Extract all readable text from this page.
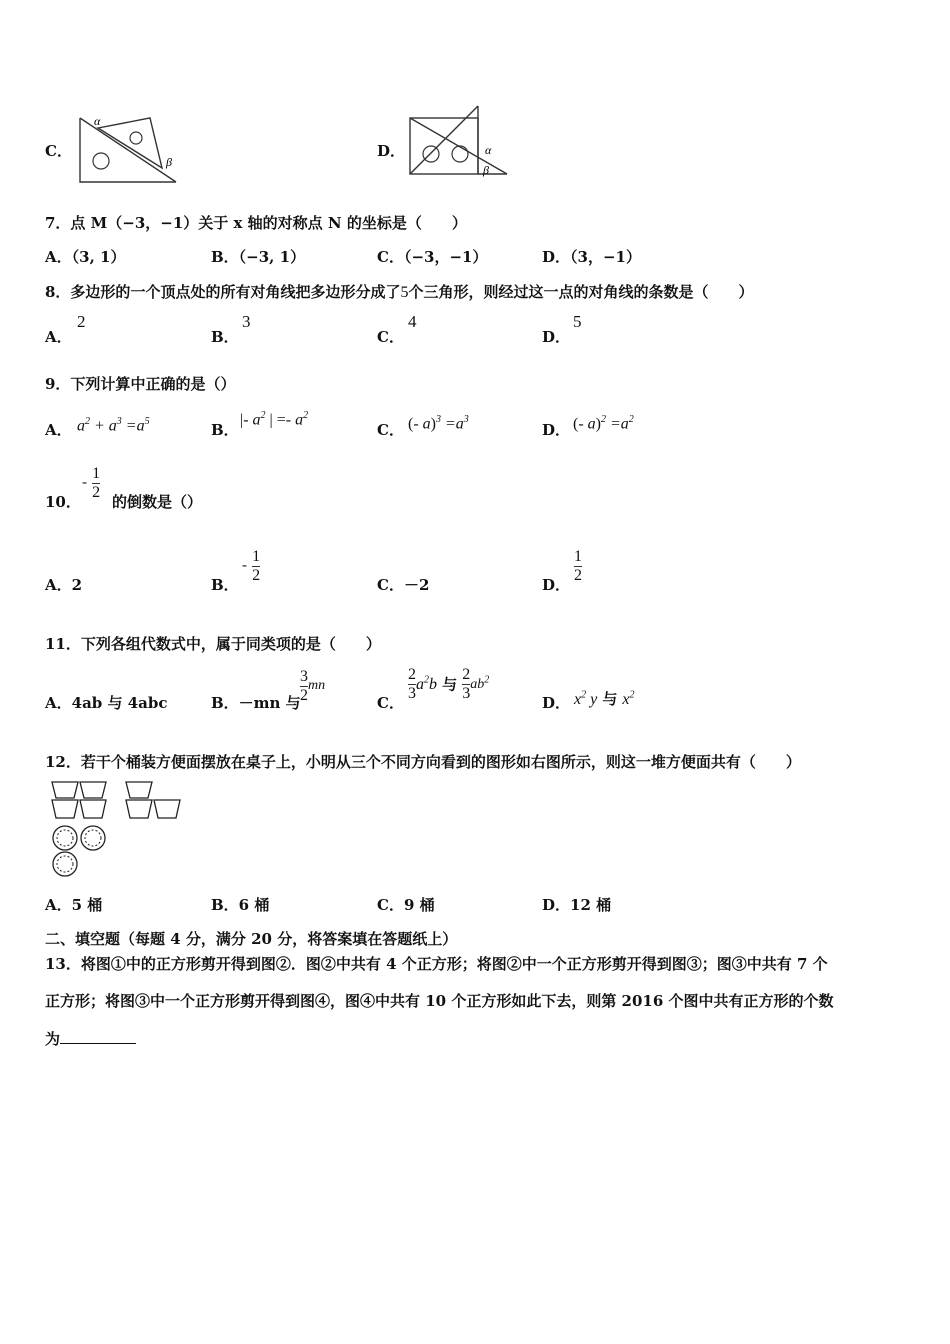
C．
α
β
D．	α
β
7．点 M（−3，−1）关于 x 轴的对称点 N 的坐标是（　　）
A．（3, 1）	B．（−3, 1）	C．（−3，−1）	D．（3，−1）
8．多边形的一个顶点处的所有对角线把多边形分成了5个三角形，则经过这一点的对角线的条数是（　　）
A．
2
B．
3
C．
4
D．
5
9．下列计算中正确的是（）
A． $a^2 + a^3 =a^5$	B．
|- $a^2$ | =- $a^2$
C． (- $a)^3 =a^3$
D． (- $a)^2 =a^2$
10．
- $\frac{1}{2}$
的倒数是（）
A．2	B．
- $\frac{1}{2}$
C．－2	D．
$\frac{1}{2}$
11．下列各组代数式中，属于同类项的是（　　）
A．4ab 与 4abc	B．－mn 与 $\frac{3}{2}$ mn
C．
$\frac{2}{3} a^2b$ 与 $\frac{2}{3} ab^2$
D． $x^2$ y 与 $x^2$
12．若干个桶装方便面摆放在桌子上，小明从三个不同方向看到的图形如右图所示，则这一堆方便面共有（　　）
A．5 桶	B．6 桶	C．9 桶	D．12 桶
二、填空题（每题 4 分，满分 20 分，将答案填在答题纸上）
13．将图①中的正方形剪开得到图②．图②中共有 4 个正方形；将图②中一个正方形剪开得到图③；图③中共有 7 个
正方形；将图③中一个正方形剪开得到图④，图④中共有 10 个正方形如此下去，则第 2016 个图中共有正方形的个数
为
